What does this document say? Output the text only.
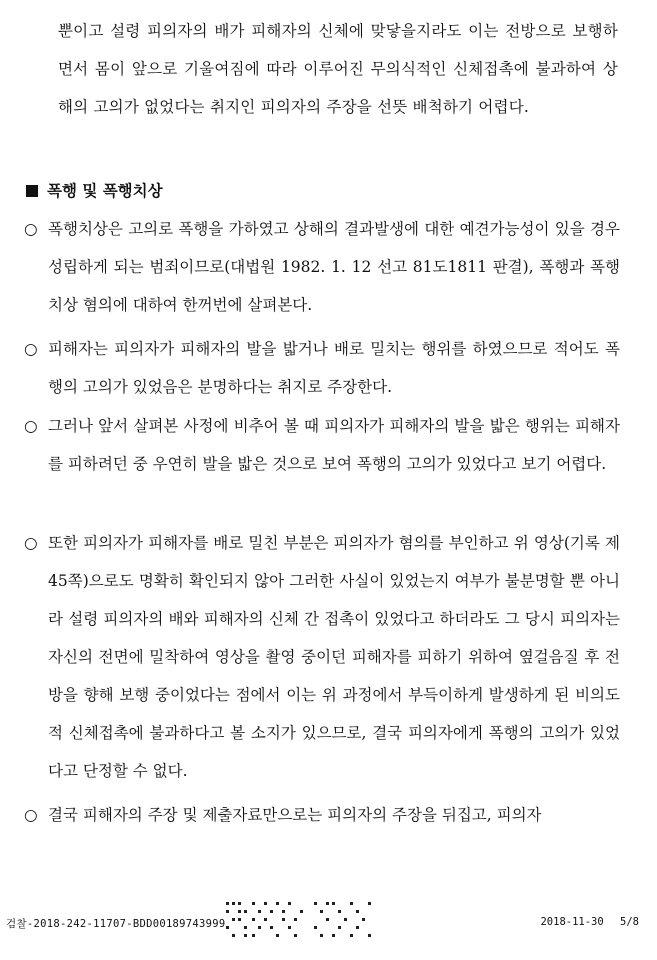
뿐이고 설령 피의자의 배가 피해자의 신체에 맞닿을지라도 이는 전방으로 보행하면서 몸이 앞으로 기울여짐에 따라 이루어진 무의식적인 신체접촉에 불과하여 상해의 고의가 없었다는 취지인 피의자의 주장을 선뜻 배척하기 어렵다.

폭행 및 폭행치상
○ 폭행치상은 고의로 폭행을 가하였고 상해의 결과발생에 대한 예견가능성이 있을 경우 성립하게 되는 범죄이므로(대법원 1982. 1. 12 선고 81도1811 판결), 폭행과 폭행치상 혐의에 대하여 한꺼번에 살펴본다.

○ 피해자는 피의자가 피해자의 발을 밟거나 배로 밀치는 행위를 하였으므로 적어도 폭행의 고의가 있었음은 분명하다는 취지로 주장한다.

○ 그러나 앞서 살펴본 사정에 비추어 볼 때 피의자가 피해자의 발을 밟은 행위는 피해자를 피하려던 중 우연히 발을 밟은 것으로 보여 폭행의 고의가 있었다고 보기 어렵다.

○ 또한 피의자가 피해자를 배로 밀친 부분은 피의자가 혐의를 부인하고 위 영상(기록 제45쪽)으로도 명확히 확인되지 않아 그러한 사실이 있었는지 여부가 불분명할 뿐 아니라 설령 피의자의 배와 피해자의 신체 간 접촉이 있었다고 하더라도 그 당시 피의자는 자신의 전면에 밀착하여 영상을 촬영 중이던 피해자를 피하기 위하여 옆걸음질 후 전방을 향해 보행 중이었다는 점에서 이는 위 과정에서 부득이하게 발생하게 된 비의도적 신체접촉에 불과하다고 볼 소지가 있으므로, 결국 피의자에게 폭행의 고의가 있었다고 단정할 수 없다.

○ 결국 피해자의 주장 및 제출자료만으로는 피의자의 주장을 뒤집고, 피의자

검찰-2018-242-11707-BDD00189743999	2018-11-30 5/8
